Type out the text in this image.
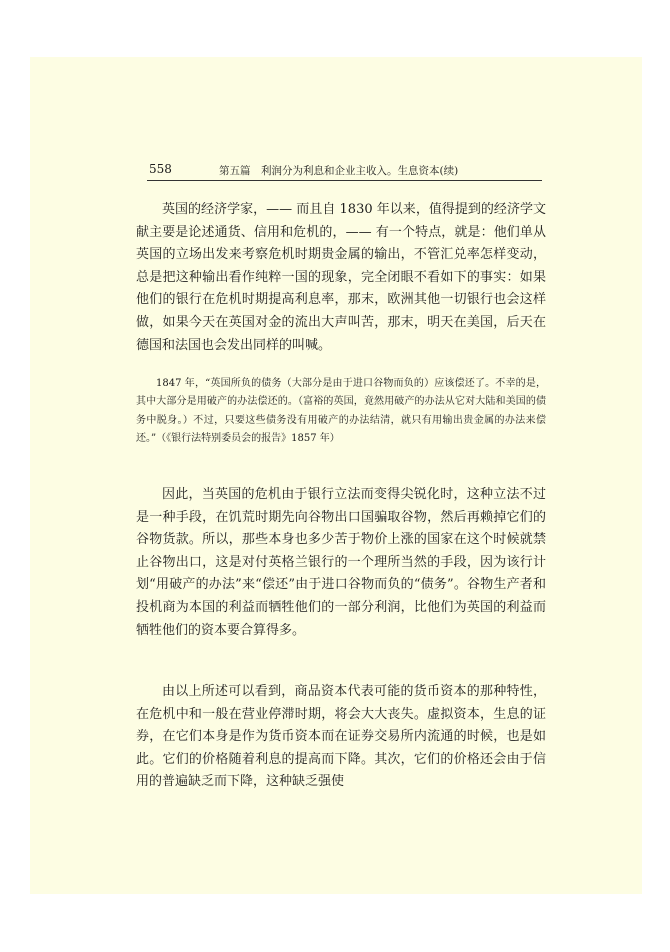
558	第五篇　利润分为利息和企业主收入。生息资本(续)

英国的经济学家，—— 而且自 1830 年以来，值得提到的经济学文献主要是论述通货、信用和危机的，—— 有一个特点，就是：他们单从英国的立场出发来考察危机时期贵金属的输出，不管汇兑率怎样变动，总是把这种输出看作纯粹一国的现象，完全闭眼不看如下的事实：如果他们的银行在危机时期提高利息率，那末，欧洲其他一切银行也会这样做，如果今天在英国对金的流出大声叫苦，那末，明天在美国，后天在德国和法国也会发出同样的叫喊。

1847 年，“英国所负的债务（大部分是由于进口谷物而负的）应该偿还了。不幸的是，其中大部分是用破产的办法偿还的。（富裕的英国，竟然用破产的办法从它对大陆和美国的债务中脱身。）不过，只要这些债务没有用破产的办法结清，就只有用输出贵金属的办法来偿还。”（《银行法特别委员会的报告》1857 年）

因此，当英国的危机由于银行立法而变得尖锐化时，这种立法不过是一种手段，在饥荒时期先向谷物出口国骗取谷物，然后再赖掉它们的谷物货款。所以，那些本身也多少苦于物价上涨的国家在这个时候就禁止谷物出口，这是对付英格兰银行的一个理所当然的手段，因为该行计划“用破产的办法”来“偿还”由于进口谷物而负的“债务”。谷物生产者和投机商为本国的利益而牺牲他们的一部分利润，比他们为英国的利益而牺牲他们的资本要合算得多。

由以上所述可以看到，商品资本代表可能的货币资本的那种特性，在危机中和一般在营业停滞时期，将会大大丧失。虚拟资本，生息的证券，在它们本身是作为货币资本而在证券交易所内流通的时候，也是如此。它们的价格随着利息的提高而下降。其次，它们的价格还会由于信用的普遍缺乏而下降，这种缺乏强使
